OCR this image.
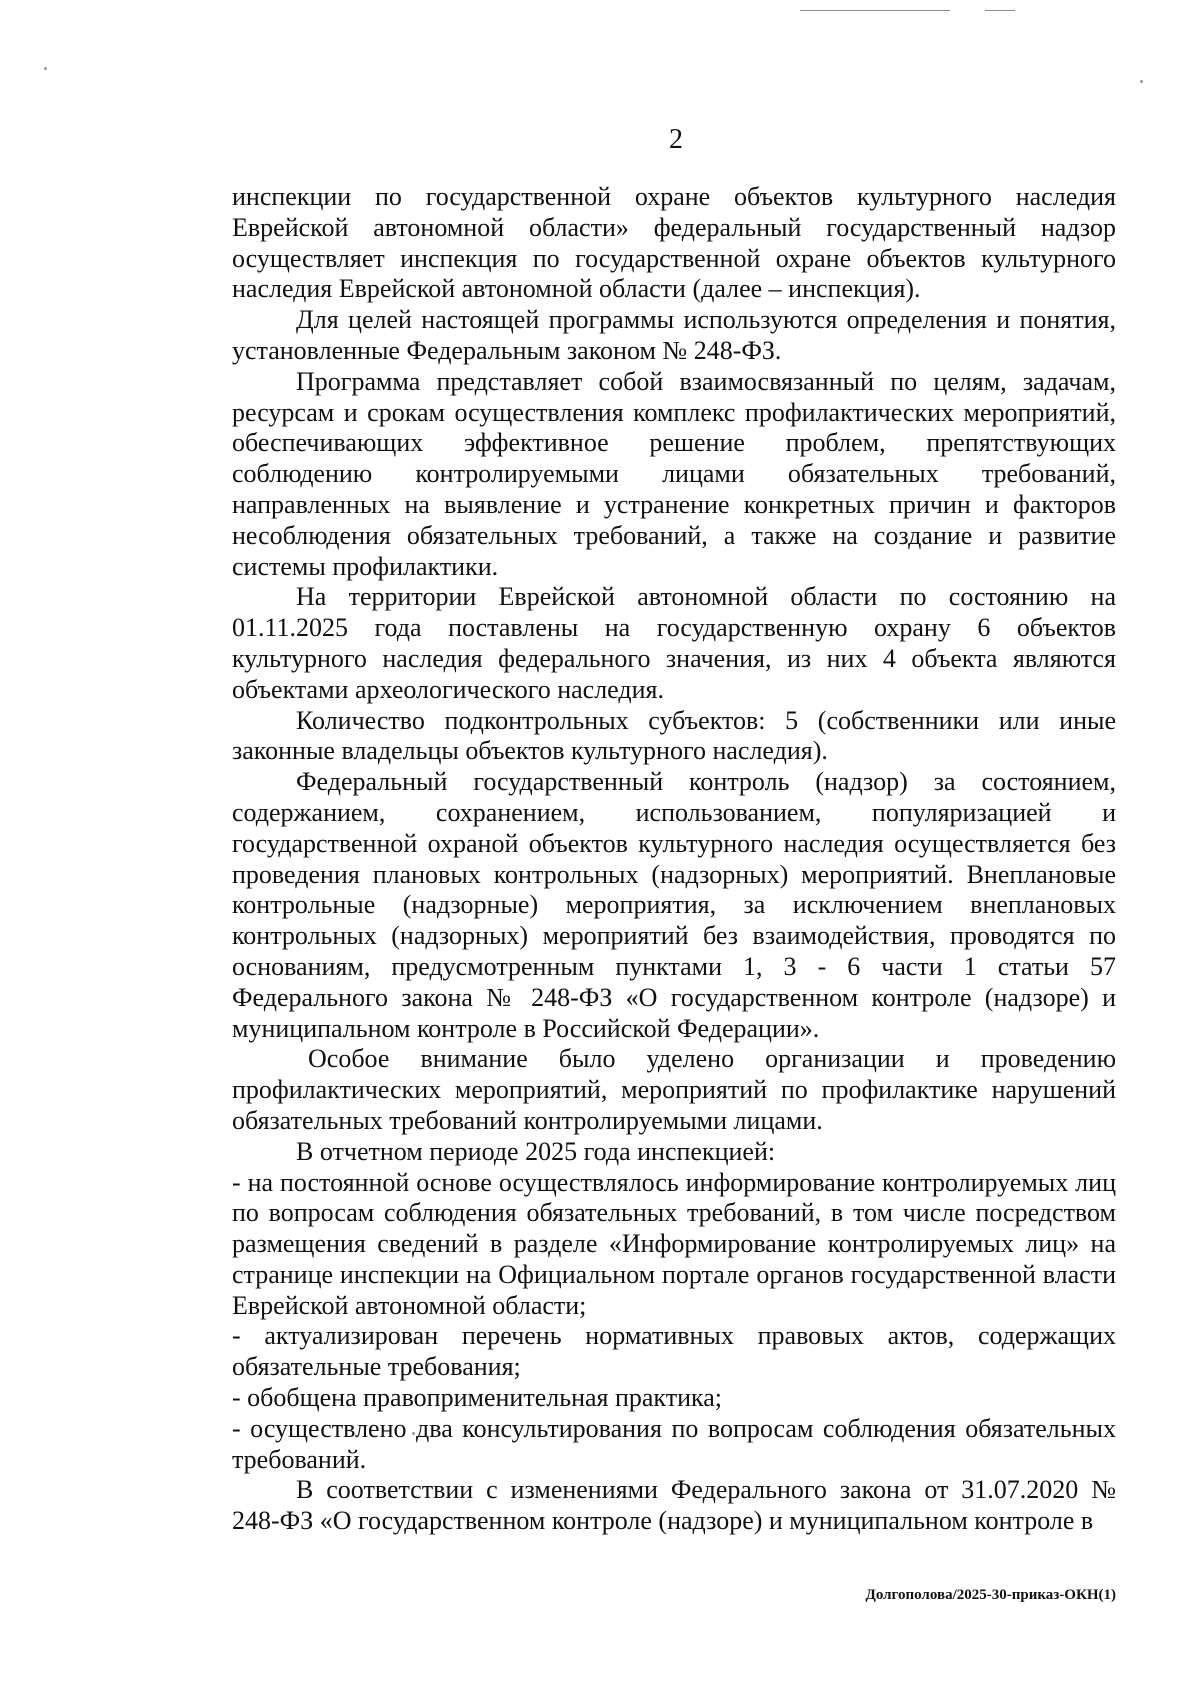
2

инспекции по государственной охране объектов культурного наследия Еврейской автономной области» федеральный государственный надзор осуществляет инспекция по государственной охране объектов культурного наследия Еврейской автономной области (далее – инспекция).

Для целей настоящей программы используются определения и понятия, установленные Федеральным законом № 248-ФЗ.

Программа представляет собой взаимосвязанный по целям, задачам, ресурсам и срокам осуществления комплекс профилактических мероприятий, обеспечивающих эффективное решение проблем, препятствующих соблюдению контролируемыми лицами обязательных требований, направленных на выявление и устранение конкретных причин и факторов несоблюдения обязательных требований, а также на создание и развитие системы профилактики.

На территории Еврейской автономной области по состоянию на 01.11.2025 года поставлены на государственную охрану 6 объектов культурного наследия федерального значения, из них 4 объекта являются объектами археологического наследия.

Количество подконтрольных субъектов: 5 (собственники или иные законные владельцы объектов культурного наследия).

Федеральный государственный контроль (надзор) за состоянием, содержанием, сохранением, использованием, популяризацией и государственной охраной объектов культурного наследия осуществляется без проведения плановых контрольных (надзорных) мероприятий. Внеплановые контрольные (надзорные) мероприятия, за исключением внеплановых контрольных (надзорных) мероприятий без взаимодействия, проводятся по основаниям, предусмотренным пунктами 1, 3 - 6 части 1 статьи 57 Федерального закона № 248-ФЗ «О государственном контроле (надзоре) и муниципальном контроле в Российской Федерации».

Особое внимание было уделено организации и проведению профилактических мероприятий, мероприятий по профилактике нарушений обязательных требований контролируемыми лицами.

В отчетном периоде 2025 года инспекцией:

- на постоянной основе осуществлялось информирование контролируемых лиц по вопросам соблюдения обязательных требований, в том числе посредством размещения сведений в разделе «Информирование контролируемых лиц» на странице инспекции на Официальном портале органов государственной власти Еврейской автономной области;

- актуализирован перечень нормативных правовых актов, содержащих обязательные требования;

- обобщена правоприменительная практика;

- осуществлено два консультирования по вопросам соблюдения обязательных требований.

В соответствии с изменениями Федерального закона от 31.07.2020 № 248-ФЗ «О государственном контроле (надзоре) и муниципальном контроле в

Долгополова/2025-30-приказ-ОКН(1)
